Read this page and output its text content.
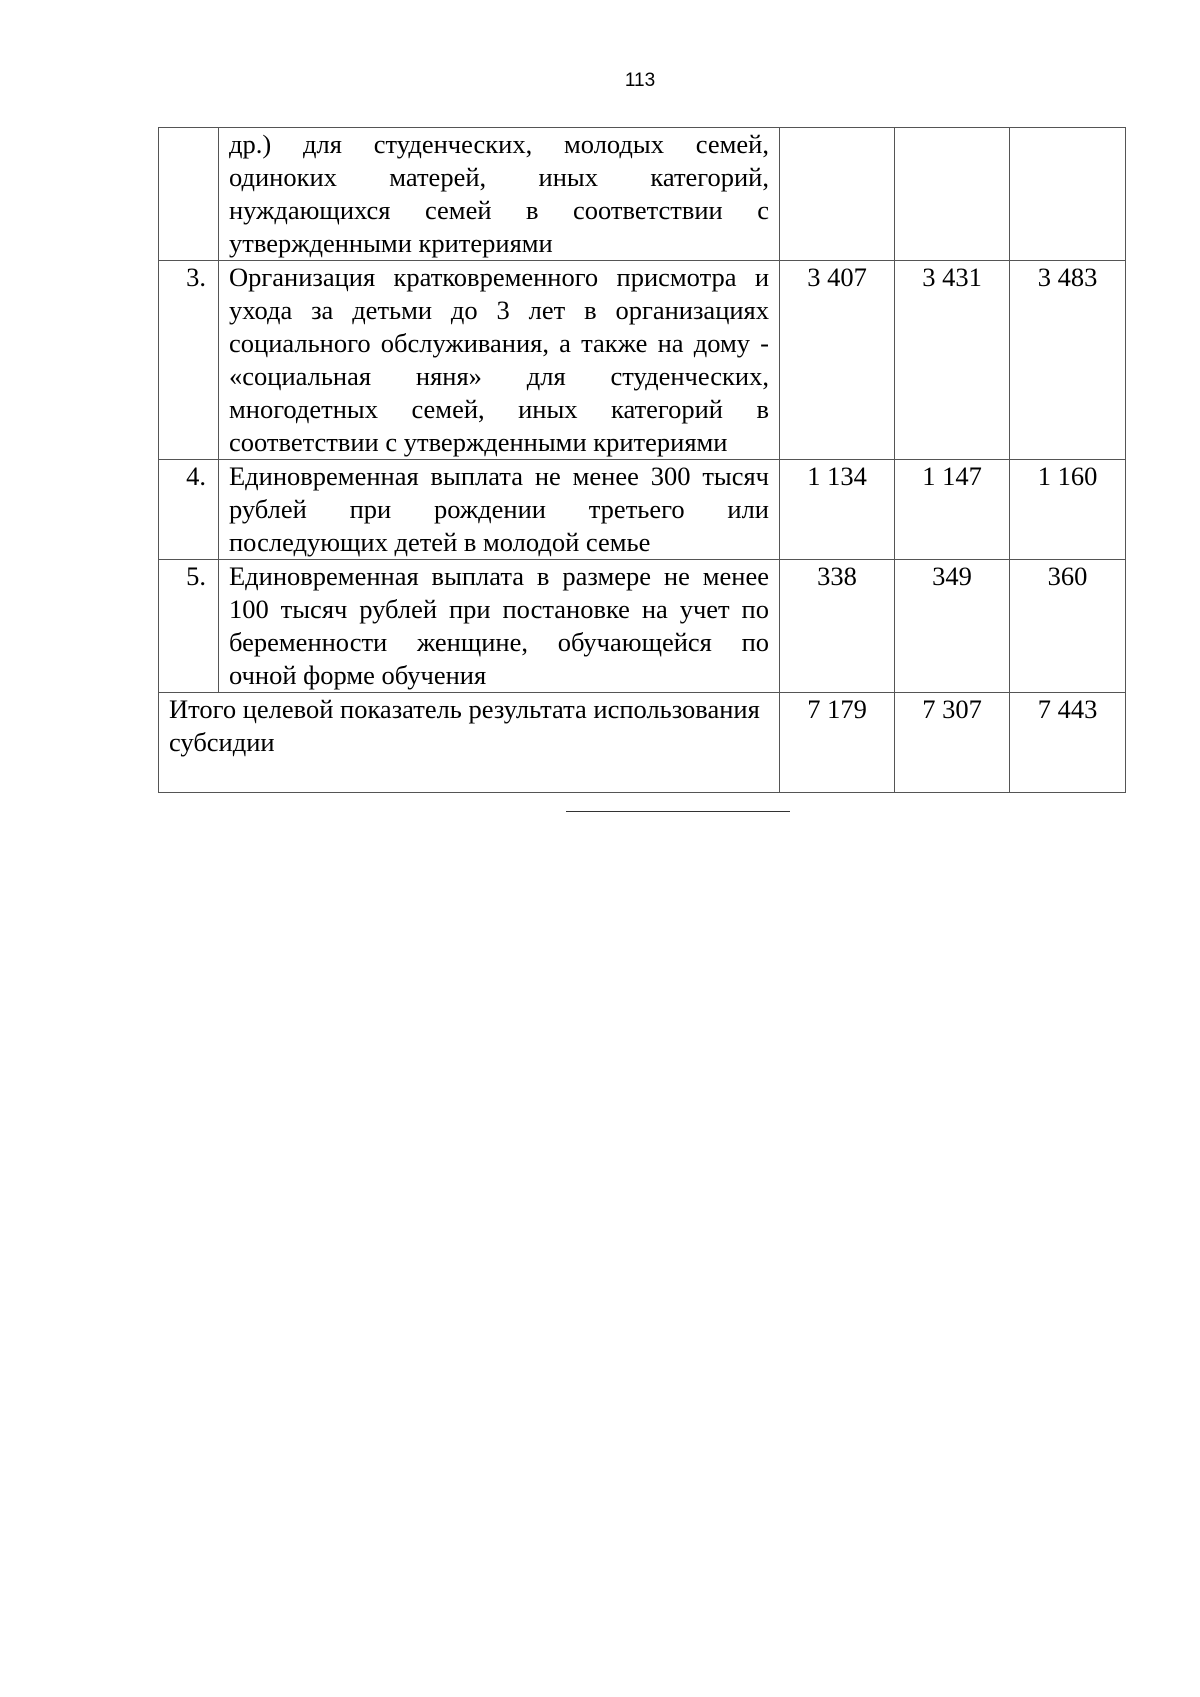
113
	др.) для студенческих, молодых семей, одиноких матерей, иных категорий, нуждающихся семей в соответствии с утвержденными критериями			
3.	Организация кратковременного присмотра и ухода за детьми до 3 лет в организациях социального обслуживания, а также на дому - «социальная няня» для студенческих, многодетных семей, иных категорий в соответствии с утвержденными критериями	3 407	3 431	3 483
4.	Единовременная выплата не менее 300 тысяч рублей при рождении третьего или последующих детей в молодой семье	1 134	1 147	1 160
5.	Единовременная выплата в размере не менее 100 тысяч рублей при постановке на учет по беременности женщине, обучающейся по очной форме обучения	338	349	360
Итого целевой показатель результата использования субсидии		7 179	7 307	7 443
